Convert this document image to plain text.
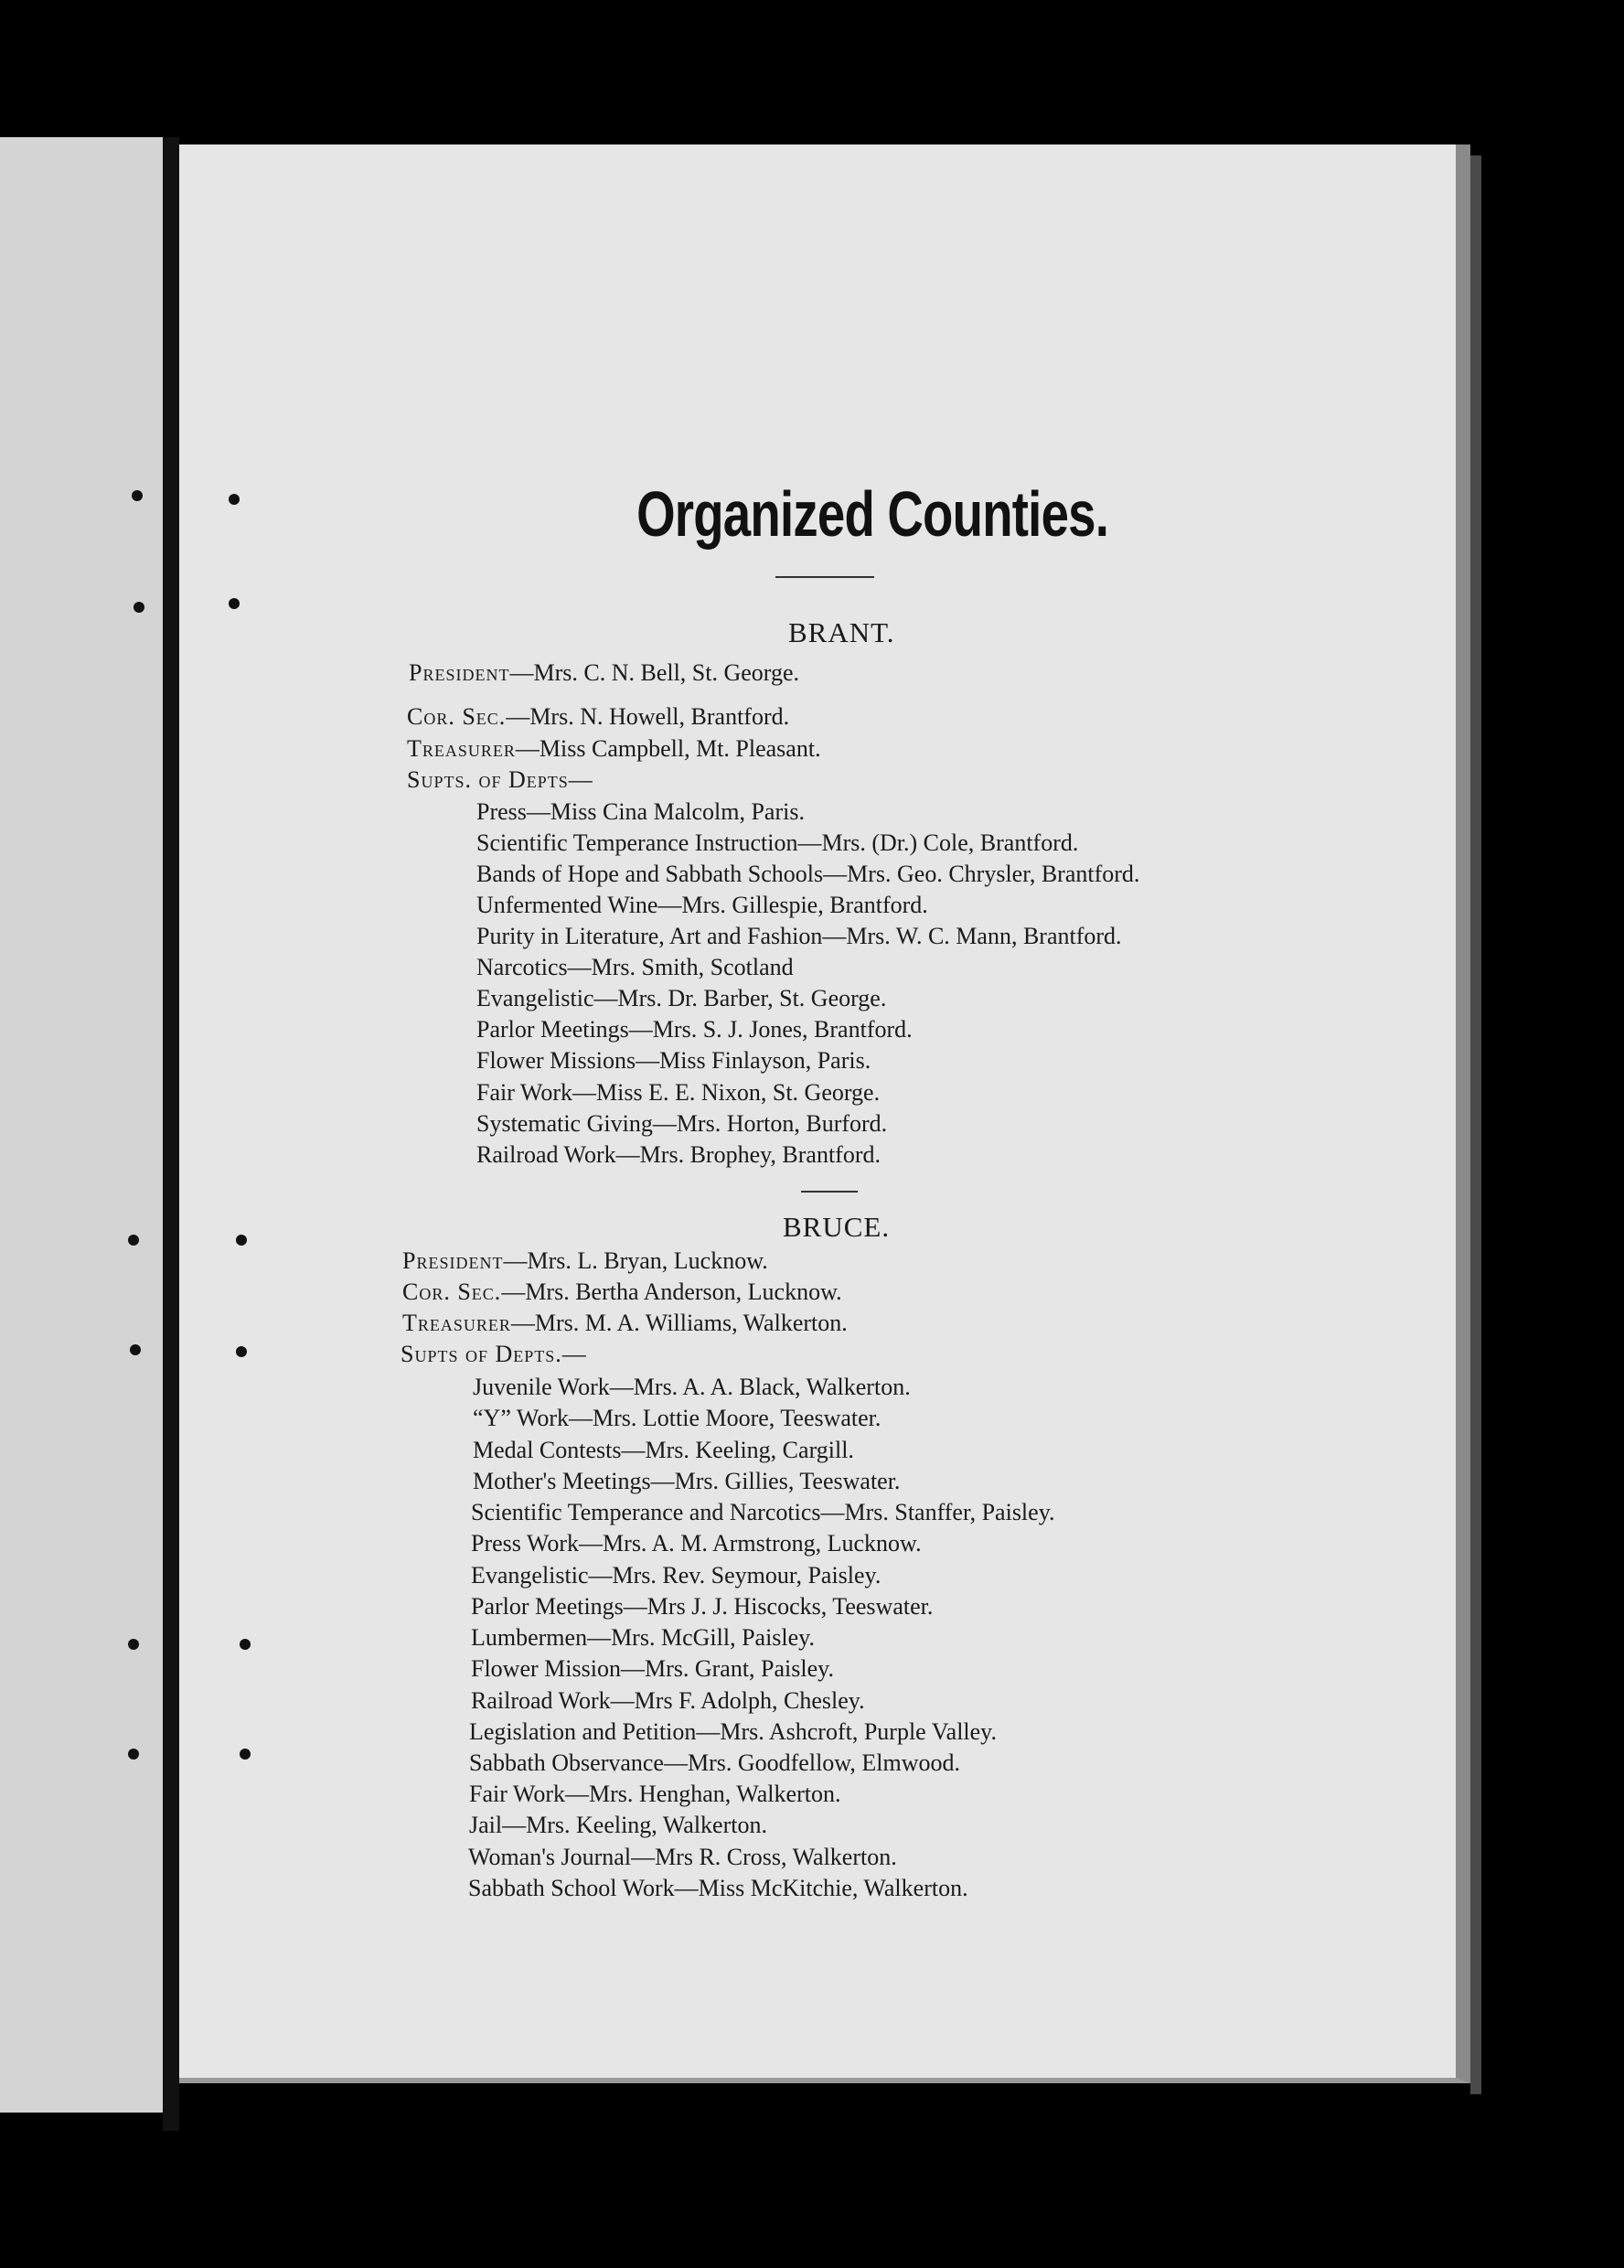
Organized Counties.
BRANT.
President—Mrs. C. N. Bell, St. George.
Cor. Sec.—Mrs. N. Howell, Brantford.
Treasurer—Miss Campbell, Mt. Pleasant.
Supts. of Depts—
Press—Miss Cina Malcolm, Paris.
Scientific Temperance Instruction—Mrs. (Dr.) Cole, Brantford.
Bands of Hope and Sabbath Schools—Mrs. Geo. Chrysler, Brantford.
Unfermented Wine—Mrs. Gillespie, Brantford.
Purity in Literature, Art and Fashion—Mrs. W. C. Mann, Brantford.
Narcotics—Mrs. Smith, Scotland
Evangelistic—Mrs. Dr. Barber, St. George.
Parlor Meetings—Mrs. S. J. Jones, Brantford.
Flower Missions—Miss Finlayson, Paris.
Fair Work—Miss E. E. Nixon, St. George.
Systematic Giving—Mrs. Horton, Burford.
Railroad Work—Mrs. Brophey, Brantford.
BRUCE.
President—Mrs. L. Bryan, Lucknow.
Cor. Sec.—Mrs. Bertha Anderson, Lucknow.
Treasurer—Mrs. M. A. Williams, Walkerton.
Supts of Depts.—
Juvenile Work—Mrs. A. A. Black, Walkerton.
“Y” Work—Mrs. Lottie Moore, Teeswater.
Medal Contests—Mrs. Keeling, Cargill.
Mother's Meetings—Mrs. Gillies, Teeswater.
Scientific Temperance and Narcotics—Mrs. Stanffer, Paisley.
Press Work—Mrs. A. M. Armstrong, Lucknow.
Evangelistic—Mrs. Rev. Seymour, Paisley.
Parlor Meetings—Mrs J. J. Hiscocks, Teeswater.
Lumbermen—Mrs. McGill, Paisley.
Flower Mission—Mrs. Grant, Paisley.
Railroad Work—Mrs F. Adolph, Chesley.
Legislation and Petition—Mrs. Ashcroft, Purple Valley.
Sabbath Observance—Mrs. Goodfellow, Elmwood.
Fair Work—Mrs. Henghan, Walkerton.
Jail—Mrs. Keeling, Walkerton.
Woman's Journal—Mrs R. Cross, Walkerton.
Sabbath School Work—Miss McKitchie, Walkerton.
